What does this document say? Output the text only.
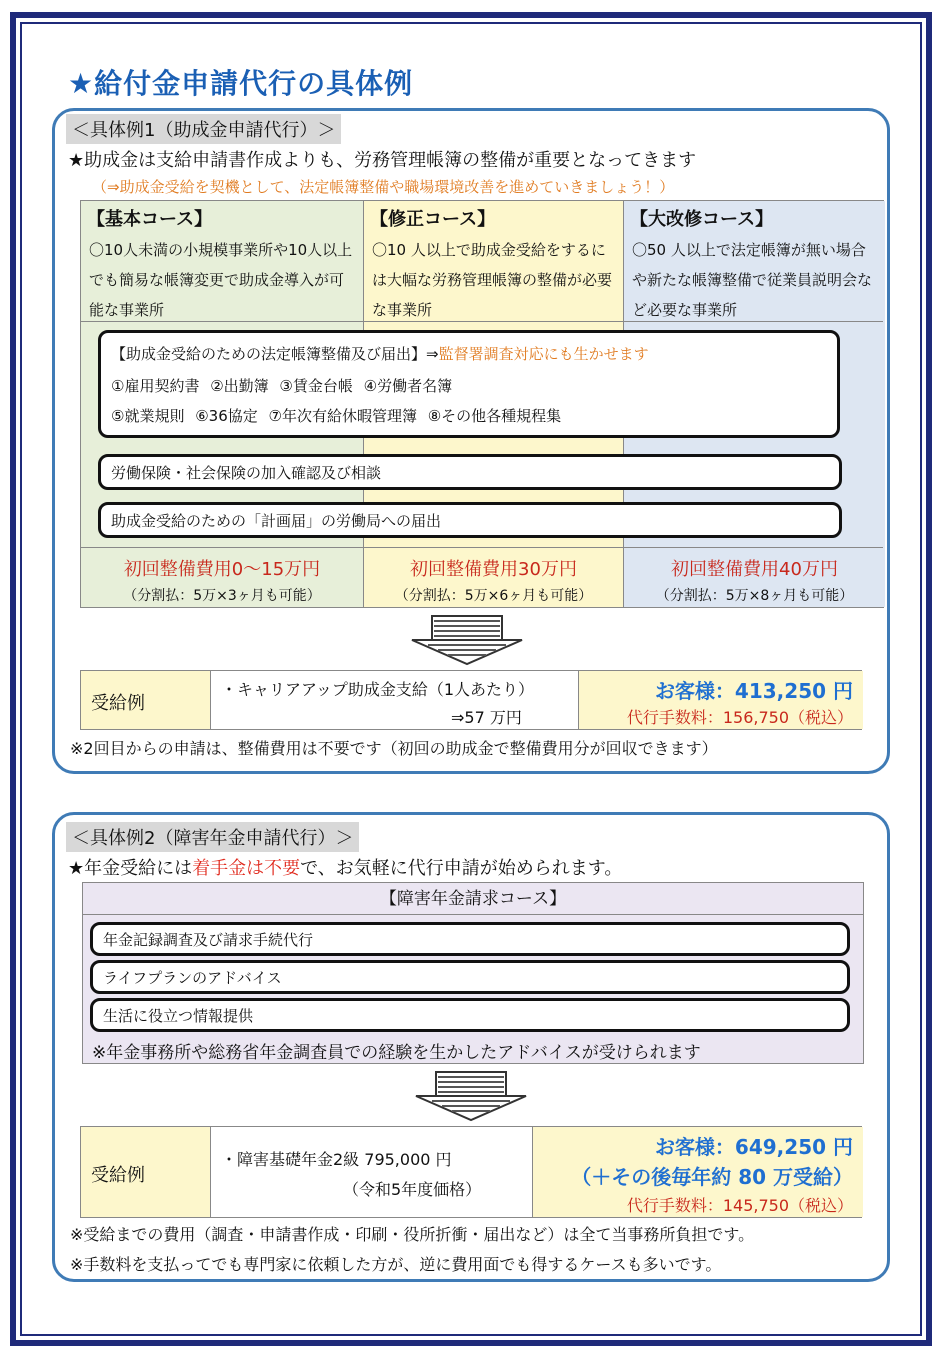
★給付金申請代行の具体例
＜具体例1（助成金申請代行）＞
★助成金は支給申請書作成よりも、労務管理帳簿の整備が重要となってきます
（⇒助成金受給を契機として、法定帳簿整備や職場環境改善を進めていきましょう！）
【基本コース】
〇10人未満の小規模事業所や10人以上でも簡易な帳簿変更で助成金導入が可能な事業所
初回整備費用0～15万円
（分割払：5万×3ヶ月も可能）
【修正コース】
〇10 人以上で助成金受給をするには大幅な労務管理帳簿の整備が必要な事業所
初回整備費用30万円
（分割払：5万×6ヶ月も可能）
【大改修コース】
〇50 人以上で法定帳簿が無い場合や新たな帳簿整備で従業員説明会など必要な事業所
初回整備費用40万円
（分割払：5万×8ヶ月も可能）
【助成金受給のための法定帳簿整備及び届出】⇒監督署調査対応にも生かせます
①雇用契約書 ②出勤簿 ③賃金台帳 ④労働者名簿
⑤就業規則 ⑥36協定 ⑦年次有給休暇管理簿 ⑧その他各種規程集
労働保険・社会保険の加入確認及び相談
助成金受給のための「計画届」の労働局への届出
受給例
・キャリアアップ助成金支給（1人あたり）
⇒57 万円
お客様：413,250 円
代行手数料：156,750（税込）
※2回目からの申請は、整備費用は不要です（初回の助成金で整備費用分が回収できます）
＜具体例2（障害年金申請代行）＞
★年金受給には着手金は不要で、お気軽に代行申請が始められます。
【障害年金請求コース】
年金記録調査及び請求手続代行
ライフプランのアドバイス
生活に役立つ情報提供
※年金事務所や総務省年金調査員での経験を生かしたアドバイスが受けられます
受給例
・障害基礎年金2級 795,000 円
（令和5年度価格）
お客様：649,250 円
（＋その後毎年約 80 万受給）
代行手数料：145,750（税込）
※受給までの費用（調査・申請書作成・印刷・役所折衝・届出など）は全て当事務所負担です。
※手数料を支払ってでも専門家に依頼した方が、逆に費用面でも得するケースも多いです。
